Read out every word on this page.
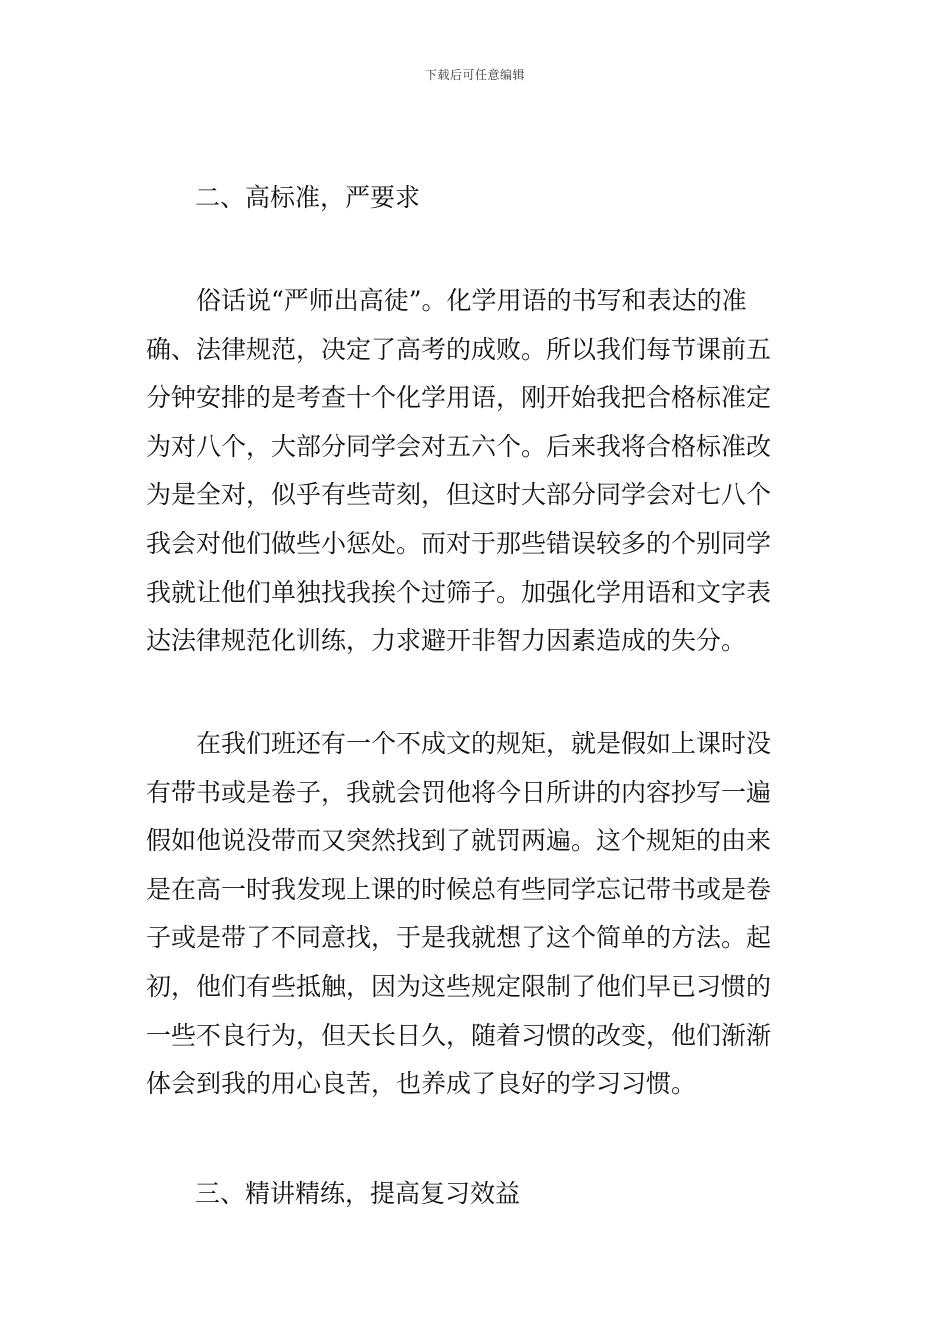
下载后可任意编辑
二、高标准，严要求
俗话说“严师出高徒”。化学用语的书写和表达的准
确、法律规范，决定了高考的成败。所以我们每节课前五
分钟安排的是考查十个化学用语，刚开始我把合格标准定
为对八个，大部分同学会对五六个。后来我将合格标准改
为是全对，似乎有些苛刻，但这时大部分同学会对七八个
我会对他们做些小惩处。而对于那些错误较多的个别同学
我就让他们单独找我挨个过筛子。加强化学用语和文字表
达法律规范化训练，力求避开非智力因素造成的失分。
在我们班还有一个不成文的规矩，就是假如上课时没
有带书或是卷子，我就会罚他将今日所讲的内容抄写一遍
假如他说没带而又突然找到了就罚两遍。这个规矩的由来
是在高一时我发现上课的时候总有些同学忘记带书或是卷
子或是带了不同意找，于是我就想了这个简单的方法。起
初，他们有些抵触，因为这些规定限制了他们早已习惯的
一些不良行为，但天长日久，随着习惯的改变，他们渐渐
体会到我的用心良苦，也养成了良好的学习习惯。
三、精讲精练，提高复习效益
